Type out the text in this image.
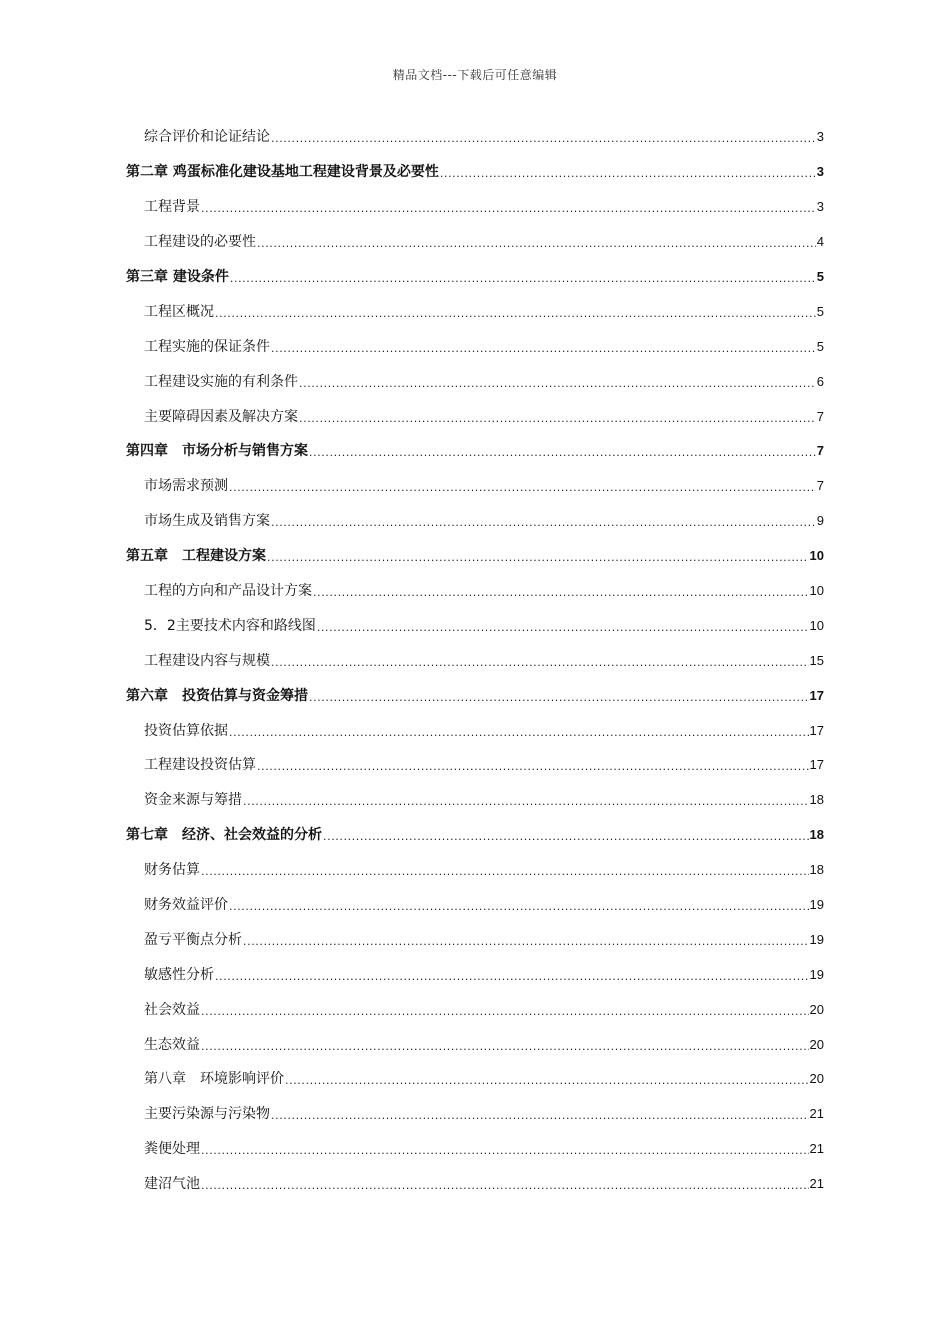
精品文档---下载后可任意编辑
综合评价和论证结论 .....	3
第二章 鸡蛋标准化建设基地工程建设背景及必要性 .....	3
工程背景 .....	3
工程建设的必要性 .....	4
第三章 建设条件 .....	5
工程区概况 .....	5
工程实施的保证条件 .....	5
工程建设实施的有利条件 .....	6
主要障碍因素及解决方案 .....	7
第四章　市场分析与销售方案 .....	7
市场需求预测 .....	7
市场生成及销售方案 .....	9
第五章　工程建设方案 .....	10
工程的方向和产品设计方案 .....	10
5．2主要技术内容和路线图 .....	10
工程建设内容与规模 .....	15
第六章　投资估算与资金筹措 .....	17
投资估算依据 .....	17
工程建设投资估算 .....	17
资金来源与筹措 .....	18
第七章　经济、社会效益的分析 .....	18
财务估算 .....	18
财务效益评价 .....	19
盈亏平衡点分析 .....	19
敏感性分析 .....	19
社会效益 .....	20
生态效益 .....	20
第八章　环境影响评价 .....	20
主要污染源与污染物 .....	21
粪便处理 .....	21
建沼气池 .....	21
